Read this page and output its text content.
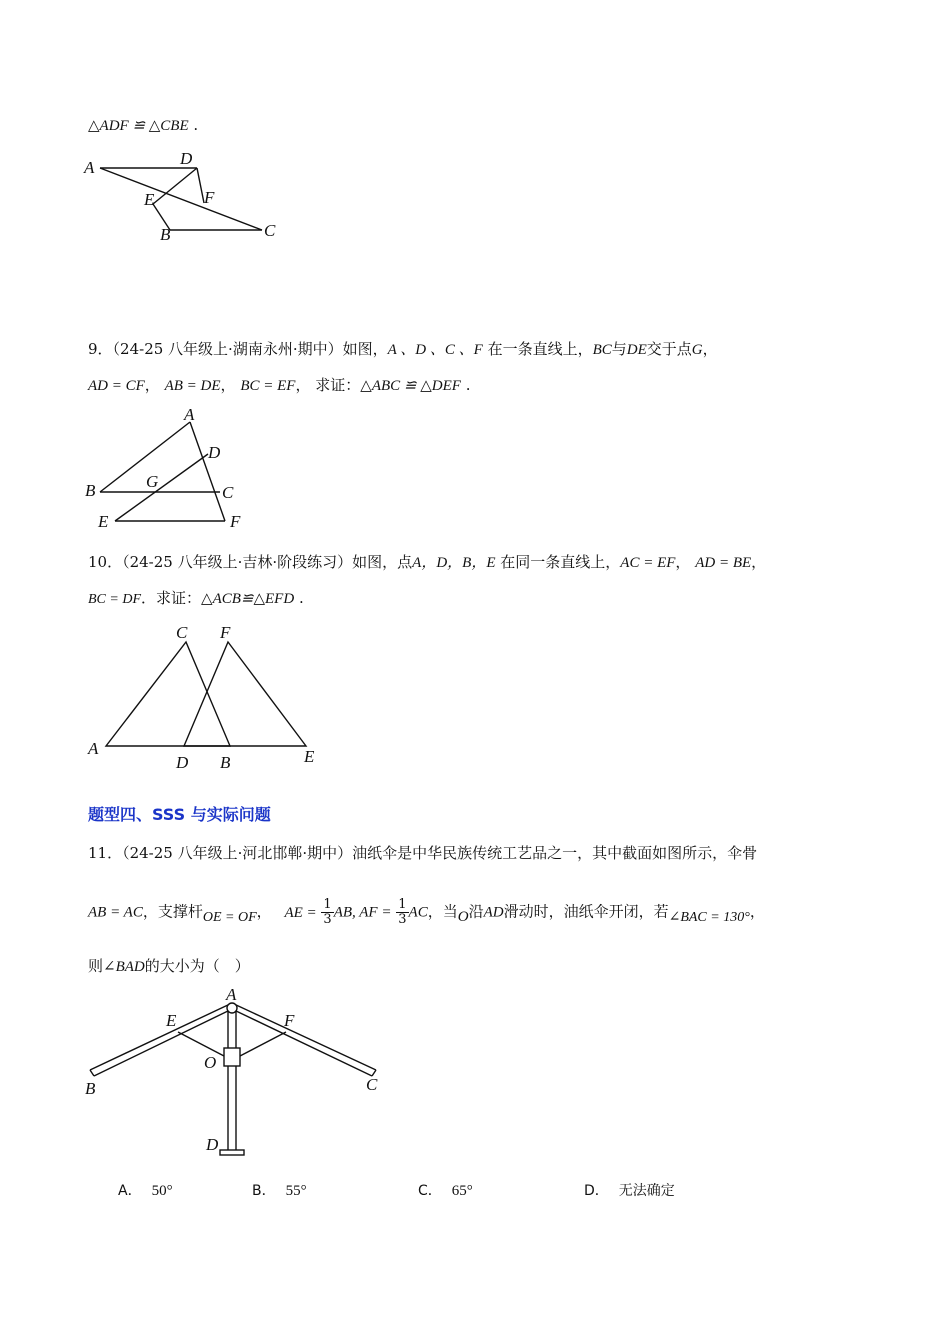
△ADF ≌ △CBE .
A	D
E	F
B	C
9．（24-25 八年级上·湖南永州·期中）如图，A 、D 、C 、F 在一条直线上，BC与DE交于点G，
AD = CF， AB = DE， BC = EF， 求证：△ABC ≌ △DEF .
A
D
B	G
C
E	F
10．（24-25 八年级上·吉林·阶段练习）如图，点A，D，B，E 在同一条直线上，AC = EF， AD = BE，
BC = DF．求证：△ACB≌△EFD .
C F
A
D B	E
题型四、SSS 与实际问题
11．（24-25 八年级上·河北邯郸·期中）油纸伞是中华民族传统工艺品之一，其中截面如图所示，伞骨
AB = AC，支撑杆OE = OF， AE = $\frac{1}{3}$ AB, AF = $\frac{1}{3}$ AC，当O沿AD滑动时，油纸伞开闭，若∠BAC = 130°，
则∠BAD的大小为（　）
A
E	F
O
B	C
D
A． 50°	B． 55°	C． 65°	D． 无法确定
